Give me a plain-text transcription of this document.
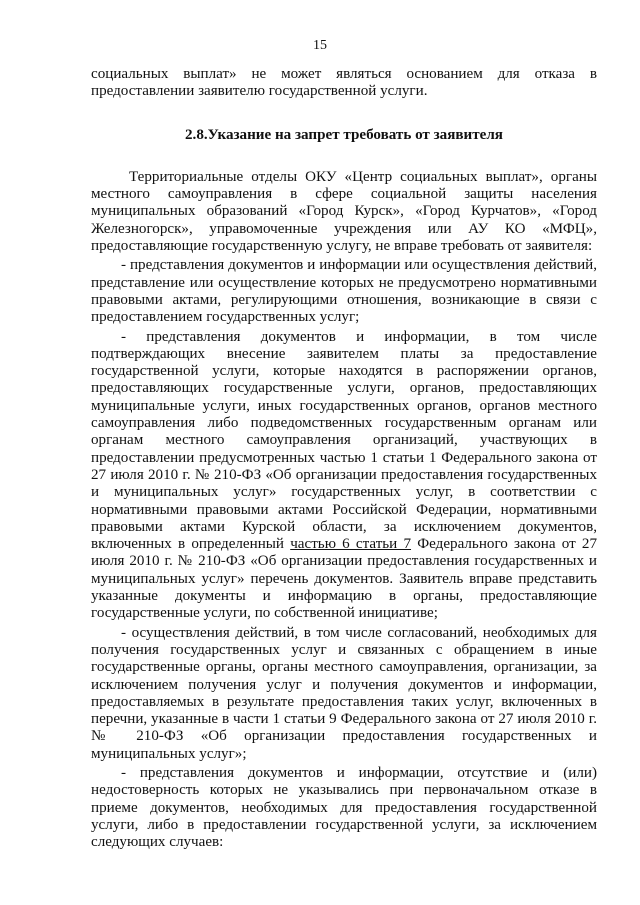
15

социальных выплат» не может являться основанием для отказа в предоставлении заявителю государственной услуги.

2.8.Указание на запрет требовать от заявителя

Территориальные отделы ОКУ «Центр социальных выплат», органы местного самоуправления в сфере социальной защиты населения муниципальных образований «Город Курск», «Город Курчатов», «Город Железногорск», управомоченные учреждения или АУ КО «МФЦ», предоставляющие государственную услугу, не вправе требовать от заявителя:

- представления документов и информации или осуществления действий, представление или осуществление которых не предусмотрено нормативными правовыми актами, регулирующими отношения, возникающие в связи с предоставлением государственных услуг;

- представления документов и информации, в том числе подтверждающих внесение заявителем платы за предоставление государственной услуги, которые находятся в распоряжении органов, предоставляющих государственные услуги, органов, предоставляющих муниципальные услуги, иных государственных органов, органов местного самоуправления либо подведомственных государственным органам или органам местного самоуправления организаций, участвующих в предоставлении предусмотренных частью 1 статьи 1 Федерального закона от 27 июля 2010 г. № 210-ФЗ «Об организации предоставления государственных и муниципальных услуг» государственных услуг, в соответствии с нормативными правовыми актами Российской Федерации, нормативными правовыми актами Курской области, за исключением документов, включенных в определенный частью 6 статьи 7 Федерального закона от 27 июля 2010 г. № 210-ФЗ «Об организации предоставления государственных и муниципальных услуг» перечень документов. Заявитель вправе представить указанные документы и информацию в органы, предоставляющие государственные услуги, по собственной инициативе;

- осуществления действий, в том числе согласований, необходимых для получения государственных услуг и связанных с обращением в иные государственные органы, органы местного самоуправления, организации, за исключением получения услуг и получения документов и информации, предоставляемых в результате предоставления таких услуг, включенных в перечни, указанные в части 1 статьи 9 Федерального закона от 27 июля 2010 г. № 210-ФЗ «Об организации предоставления государственных и муниципальных услуг»;

- представления документов и информации, отсутствие и (или) недостоверность которых не указывались при первоначальном отказе в приеме документов, необходимых для предоставления государственной услуги, либо в предоставлении государственной услуги, за исключением следующих случаев:
